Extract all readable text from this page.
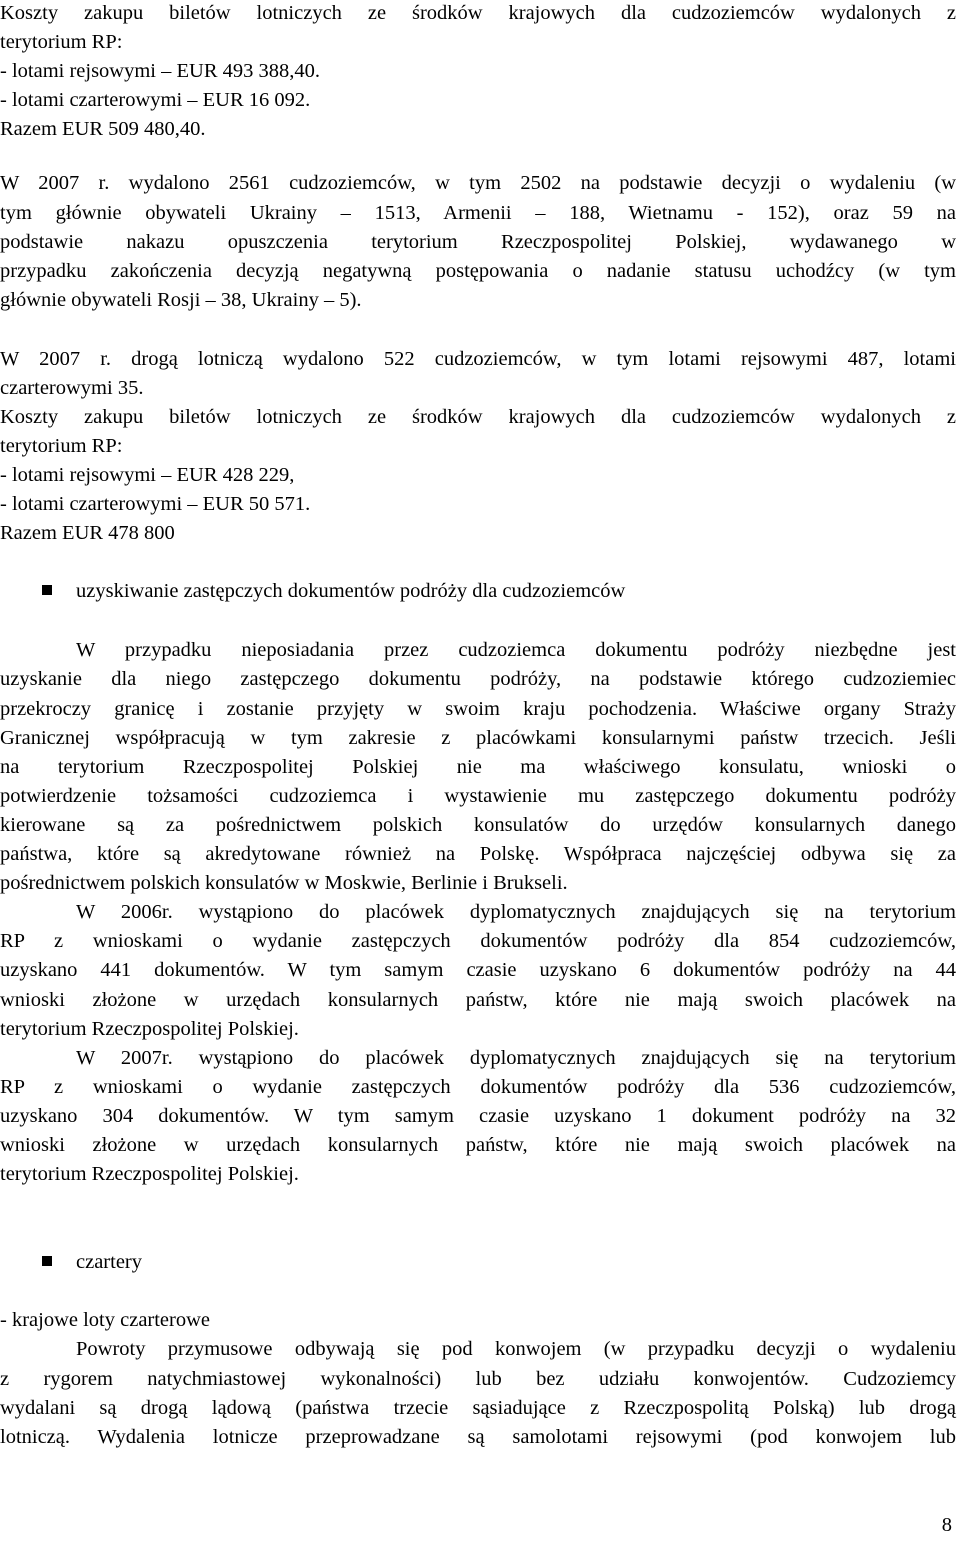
Koszty zakupu biletów lotniczych ze środków krajowych dla cudzoziemców wydalonych z

terytorium RP:

- lotami rejsowymi – EUR 493 388,40.

- lotami czarterowymi – EUR 16 092.

Razem EUR 509 480,40.

W 2007 r. wydalono 2561 cudzoziemców, w tym 2502 na podstawie decyzji o wydaleniu (w

tym głównie obywateli Ukrainy – 1513, Armenii – 188, Wietnamu - 152), oraz 59 na

podstawie nakazu opuszczenia terytorium Rzeczpospolitej Polskiej, wydawanego w

przypadku zakończenia decyzją negatywną postępowania o nadanie statusu uchodźcy (w tym

głównie obywateli Rosji – 38, Ukrainy – 5).

W 2007 r. drogą lotniczą wydalono 522 cudzoziemców, w tym lotami rejsowymi 487, lotami

czarterowymi 35.

Koszty zakupu biletów lotniczych ze środków krajowych dla cudzoziemców wydalonych z

terytorium RP:

- lotami rejsowymi – EUR 428 229,

- lotami czarterowymi – EUR 50 571.

Razem EUR 478 800

uzyskiwanie zastępczych dokumentów podróży dla cudzoziemców

W przypadku nieposiadania przez cudzoziemca dokumentu podróży niezbędne jest

uzyskanie dla niego zastępczego dokumentu podróży, na podstawie którego cudzoziemiec

przekroczy granicę i zostanie przyjęty w swoim kraju pochodzenia. Właściwe organy Straży

Granicznej współpracują w tym zakresie z placówkami konsularnymi państw trzecich. Jeśli

na terytorium Rzeczpospolitej Polskiej nie ma właściwego konsulatu, wnioski o

potwierdzenie tożsamości cudzoziemca i wystawienie mu zastępczego dokumentu podróży

kierowane są za pośrednictwem polskich konsulatów do urzędów konsularnych danego

państwa, które są akredytowane również na Polskę. Współpraca najczęściej odbywa się za

pośrednictwem polskich konsulatów w Moskwie, Berlinie i Brukseli.

W 2006r. wystąpiono do placówek dyplomatycznych znajdujących się na terytorium

RP z wnioskami o wydanie zastępczych dokumentów podróży dla 854 cudzoziemców,

uzyskano 441 dokumentów. W tym samym czasie uzyskano 6 dokumentów podróży na 44

wnioski złożone w urzędach konsularnych państw, które nie mają swoich placówek na

terytorium Rzeczpospolitej Polskiej.

W 2007r. wystąpiono do placówek dyplomatycznych znajdujących się na terytorium

RP z wnioskami o wydanie zastępczych dokumentów podróży dla 536 cudzoziemców,

uzyskano 304 dokumentów. W tym samym czasie uzyskano 1 dokument podróży na 32

wnioski złożone w urzędach konsularnych państw, które nie mają swoich placówek na

terytorium Rzeczpospolitej Polskiej.

czartery

- krajowe loty czarterowe

Powroty przymusowe odbywają się pod konwojem (w przypadku decyzji o wydaleniu

z rygorem natychmiastowej wykonalności) lub bez udziału konwojentów. Cudzoziemcy

wydalani są drogą lądową (państwa trzecie sąsiadujące z Rzeczpospolitą Polską) lub drogą

lotniczą. Wydalenia lotnicze przeprowadzane są samolotami rejsowymi (pod konwojem lub

8
